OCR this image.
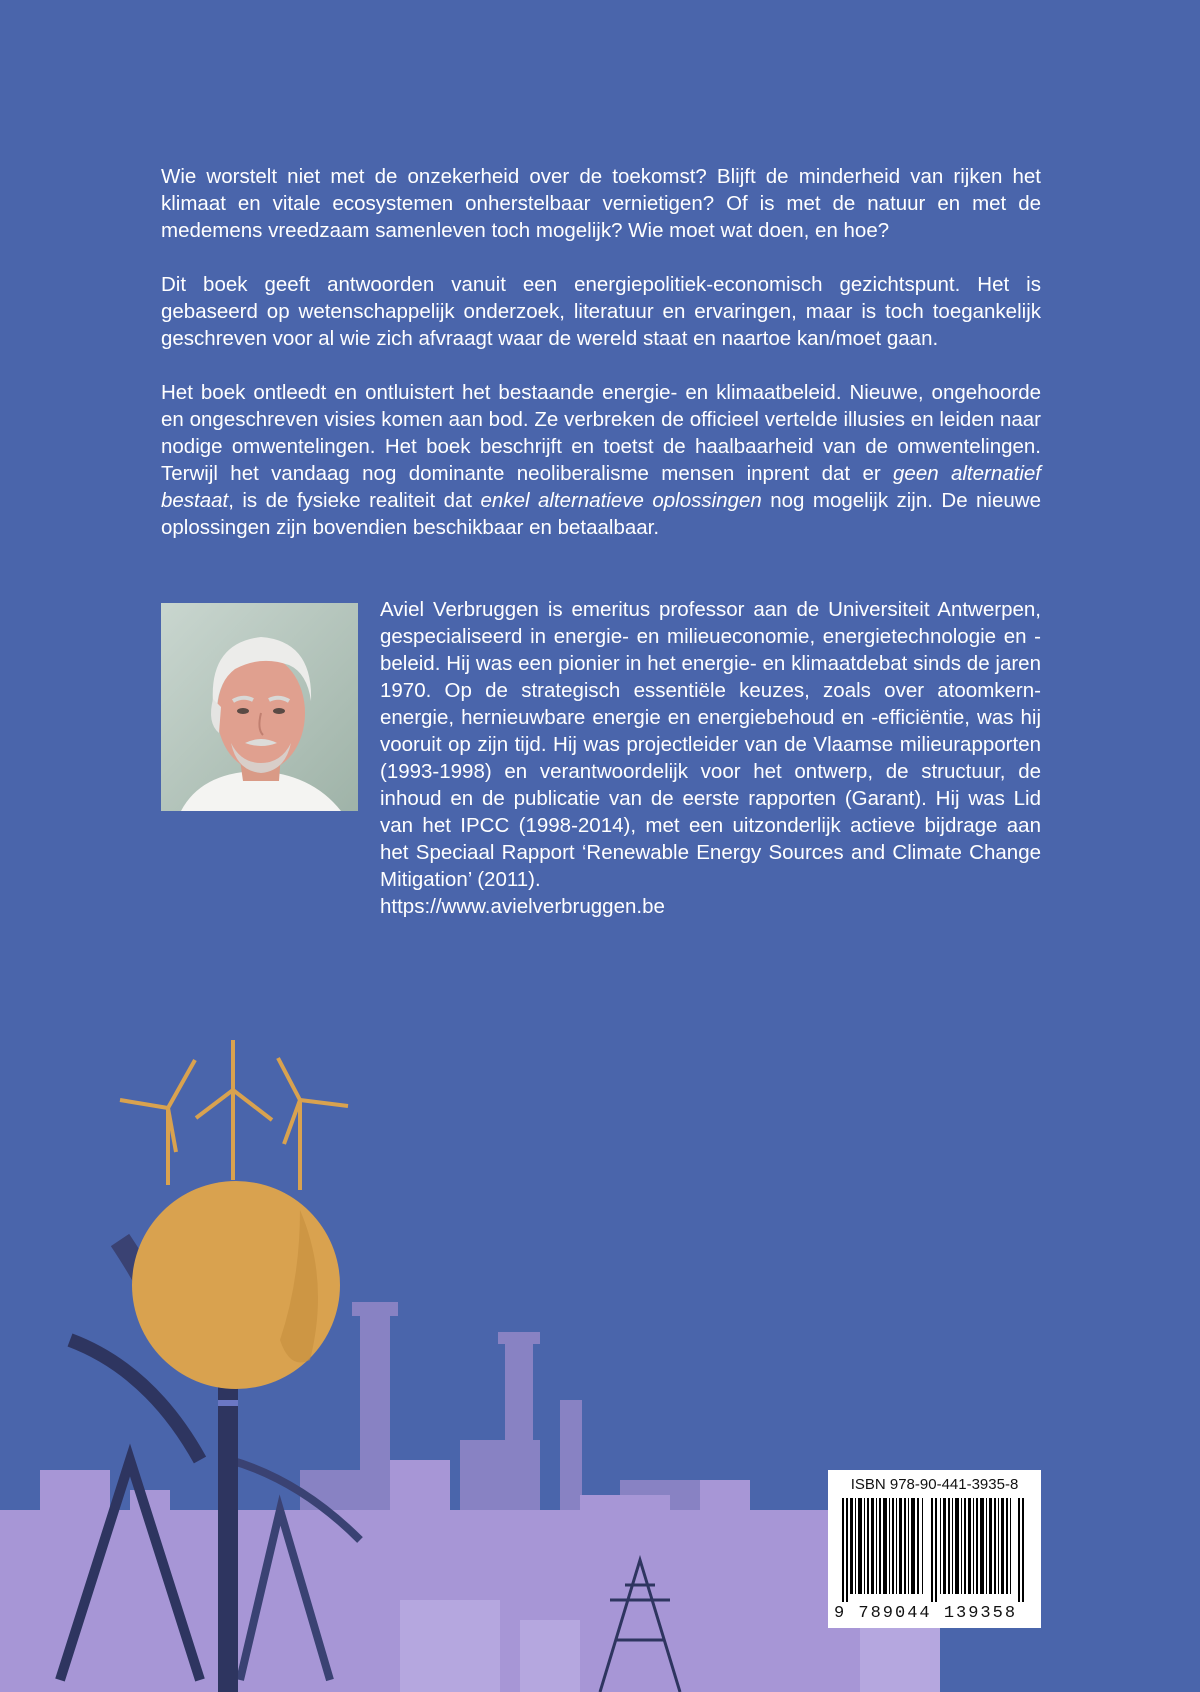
Wie worstelt niet met de onzekerheid over de toekomst? Blijft de minderheid van rijken het klimaat en vitale ecosystemen onherstelbaar vernietigen? Of is met de natuur en met de medemens vreedzaam samenleven toch mogelijk? Wie moet wat doen, en hoe?

Dit boek geeft antwoorden vanuit een energiepolitiek-economisch gezichtspunt. Het is gebaseerd op wetenschappelijk onderzoek, literatuur en ervaringen, maar is toch toegankelijk geschreven voor al wie zich afvraagt waar de wereld staat en naartoe kan/moet gaan.

Het boek ontleedt en ontluistert het bestaande energie- en klimaatbeleid. Nieuwe, ongehoorde en ongeschreven visies komen aan bod. Ze verbreken de officieel vertelde illusies en leiden naar nodige omwentelingen. Het boek beschrijft en toetst de haalbaarheid van de omwentelingen. Terwijl het vandaag nog dominante neoliberalisme mensen inprent dat er geen alternatief bestaat, is de fysieke realiteit dat enkel alternatieve oplossingen nog mogelijk zijn. De nieuwe oplossingen zijn bovendien beschikbaar en betaalbaar.

Aviel Verbruggen is emeritus professor aan de Universiteit Antwerpen, gespecialiseerd in energie- en milieueconomie, energietechnologie en -beleid. Hij was een pionier in het energie- en klimaatdebat sinds de jaren 1970. Op de strategisch essentiële keuzes, zoals over atoomkernenergie, hernieuwbare energie en energiebehoud en -efficiëntie, was hij vooruit op zijn tijd. Hij was projectleider van de Vlaamse milieurapporten (1993-1998) en verantwoordelijk voor het ontwerp, de structuur, de inhoud en de publicatie van de eerste rapporten (Garant). Hij was Lid van het IPCC (1998-2014), met een uitzonderlijk actieve bijdrage aan het Speciaal Rapport ‘Renewable Energy Sources and Climate Change Mitigation’ (2011).

https://www.avielverbruggen.be
ISBN 978-90-441-3935-8
9 789044 139358
